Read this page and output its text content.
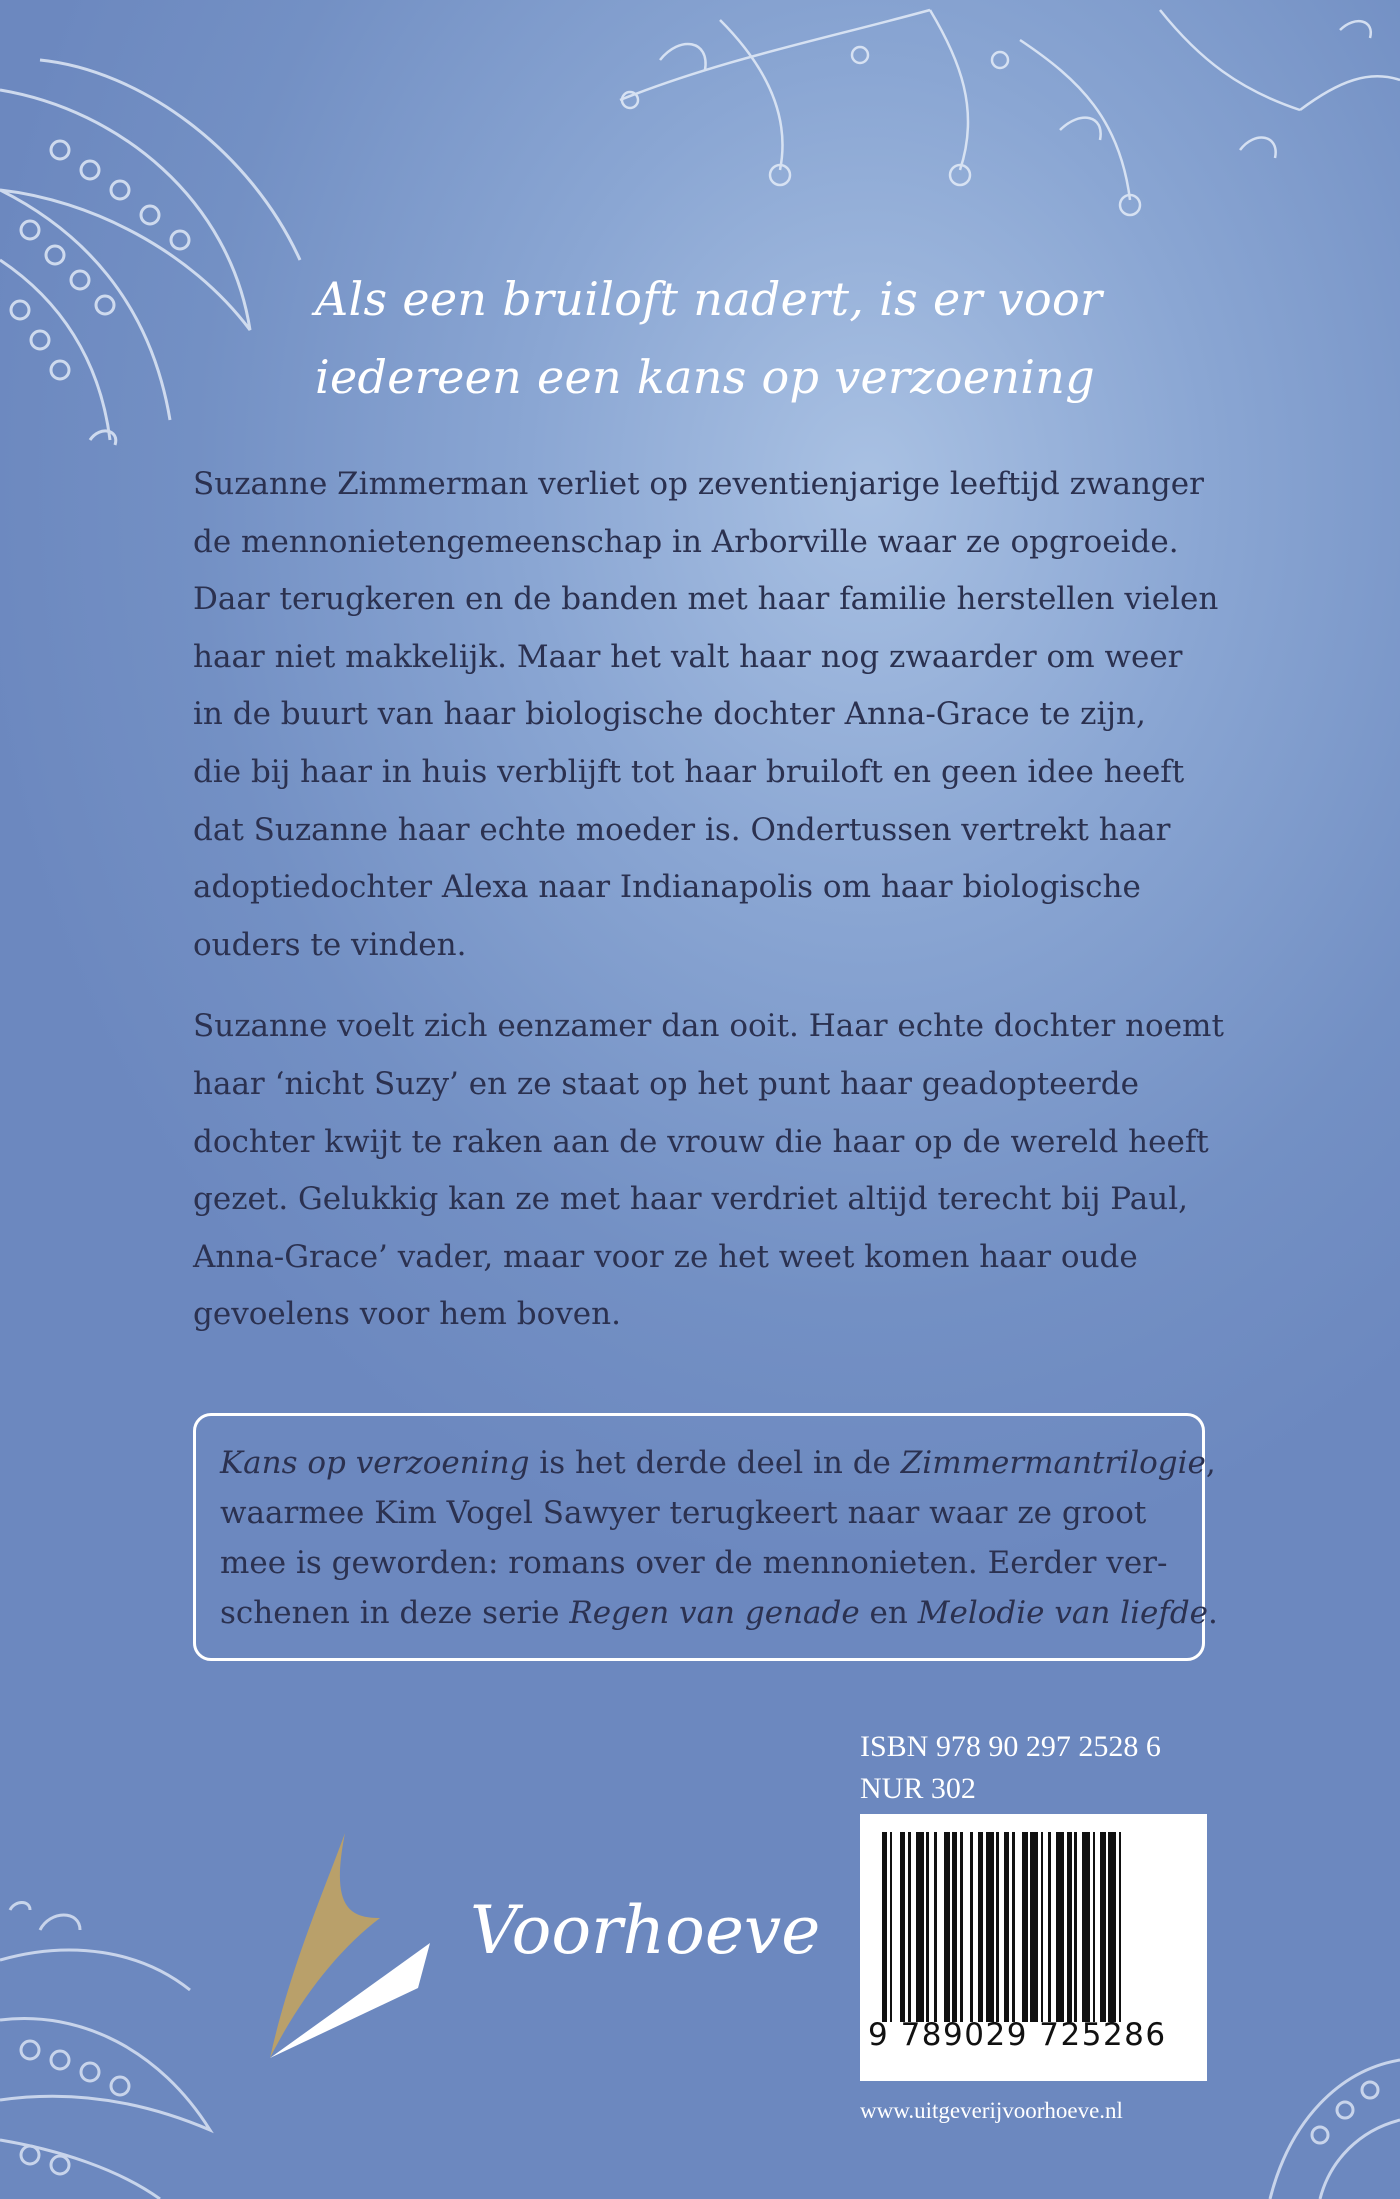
Als een bruiloft nadert, is er voor
iedereen een kans op verzoening

Suzanne Zimmerman verliet op zeventienjarige leeftijd zwanger
de mennonietengemeenschap in Arborville waar ze opgroeide.
Daar terugkeren en de banden met haar familie herstellen vielen
haar niet makkelijk. Maar het valt haar nog zwaarder om weer
in de buurt van haar biologische dochter Anna-Grace te zijn,
die bij haar in huis verblijft tot haar bruiloft en geen idee heeft
dat Suzanne haar echte moeder is. Ondertussen vertrekt haar
adoptiedochter Alexa naar Indianapolis om haar biologische
ouders te vinden.

Suzanne voelt zich eenzamer dan ooit. Haar echte dochter noemt
haar ‘nicht Suzy’ en ze staat op het punt haar geadopteerde
dochter kwijt te raken aan de vrouw die haar op de wereld heeft
gezet. Gelukkig kan ze met haar verdriet altijd terecht bij Paul,
Anna-Grace’ vader, maar voor ze het weet komen haar oude
gevoelens voor hem boven.

Kans op verzoening is het derde deel in de Zimmermantrilogie,
waarmee Kim Vogel Sawyer terugkeert naar waar ze groot
mee is geworden: romans over de mennonieten. Eerder ver-
schenen in deze serie Regen van genade en Melodie van liefde.
ISBN 978 90 297 2528 6
NUR 302
9 789029 725286
Voorhoeve
www.uitgeverijvoorhoeve.nl
